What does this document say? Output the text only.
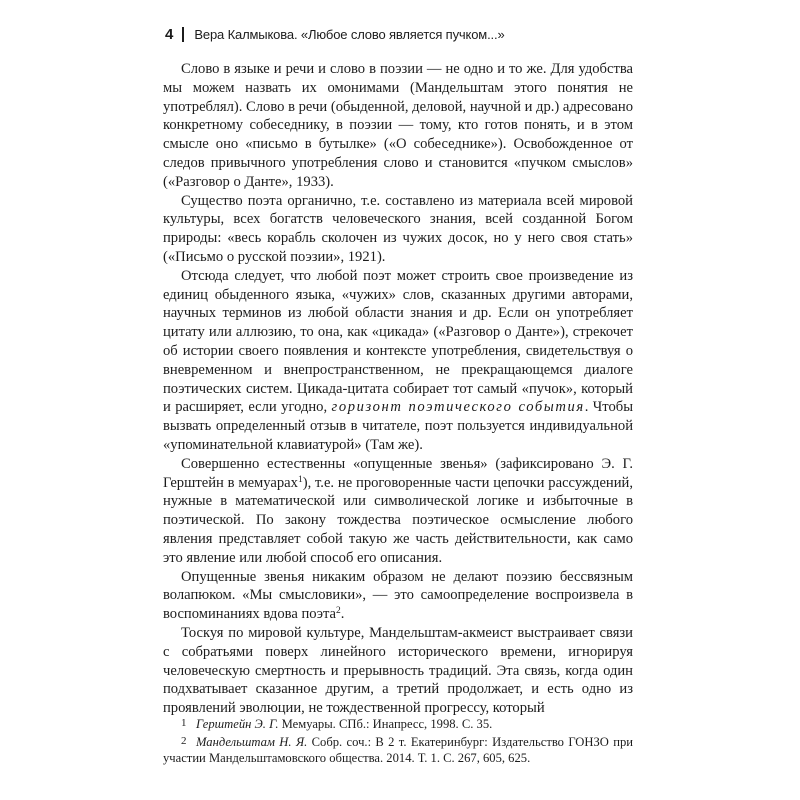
4 Вера Калмыкова. «Любое слово является пучком...»

Слово в языке и речи и слово в поэзии — не одно и то же. Для удобства мы можем назвать их омонимами (Мандельштам этого понятия не употреблял). Слово в речи (обыденной, деловой, научной и др.) адресовано конкретному собеседнику, в поэзии — тому, кто готов понять, и в этом смысле оно «письмо в бутылке» («О собеседнике»). Освобожденное от следов привычного употребления слово и становится «пучком смыслов» («Разговор о Данте», 1933).

Существо поэта органично, т.е. составлено из материала всей мировой культуры, всех богатств человеческого знания, всей созданной Богом природы: «весь корабль сколочен из чужих досок, но у него своя стать» («Письмо о русской поэзии», 1921).

Отсюда следует, что любой поэт может строить свое произведение из единиц обыденного языка, «чужих» слов, сказанных другими авторами, научных терминов из любой области знания и др. Если он употребляет цитату или аллюзию, то она, как «цикада» («Разговор о Данте»), стрекочет об истории своего появления и контексте употребления, свидетельствуя о вневременном и внепространственном, не прекращающемся диалоге поэтических систем. Цикада-цитата собирает тот самый «пучок», который и расширяет, если угодно, горизонт поэтического события. Чтобы вызвать определенный отзыв в читателе, поэт пользуется индивидуальной «упоминательной клавиатурой» (Там же).

Совершенно естественны «опущенные звенья» (зафиксировано Э. Г. Герштейн в мемуарах$^1$), т.е. не проговоренные части цепочки рассуждений, нужные в математической или символической логике и избыточные в поэтической. По закону тождества поэтическое осмысление любого явления представляет собой такую же часть действительности, как само это явление или любой способ его описания.

Опущенные звенья никаким образом не делают поэзию бессвязным волапюком. «Мы смысловики», — это самоопределение воспроизвела в воспоминаниях вдова поэта$^2$.

Тоскуя по мировой культуре, Мандельштам-акмеист выстраивает связи с собратьями поверх линейного исторического времени, игнорируя человеческую смертность и прерывность традиций. Эта связь, когда один подхватывает сказанное другим, а третий продолжает, и есть одно из проявлений эволюции, не тождественной прогрессу, который

1 Герштейн Э. Г. Мемуары. СПб.: Инапресс, 1998. С. 35.

2 Мандельштам Н. Я. Собр. соч.: В 2 т. Екатеринбург: Издательство ГОНЗО при участии Мандельштамовского общества. 2014. Т. 1. С. 267, 605, 625.
